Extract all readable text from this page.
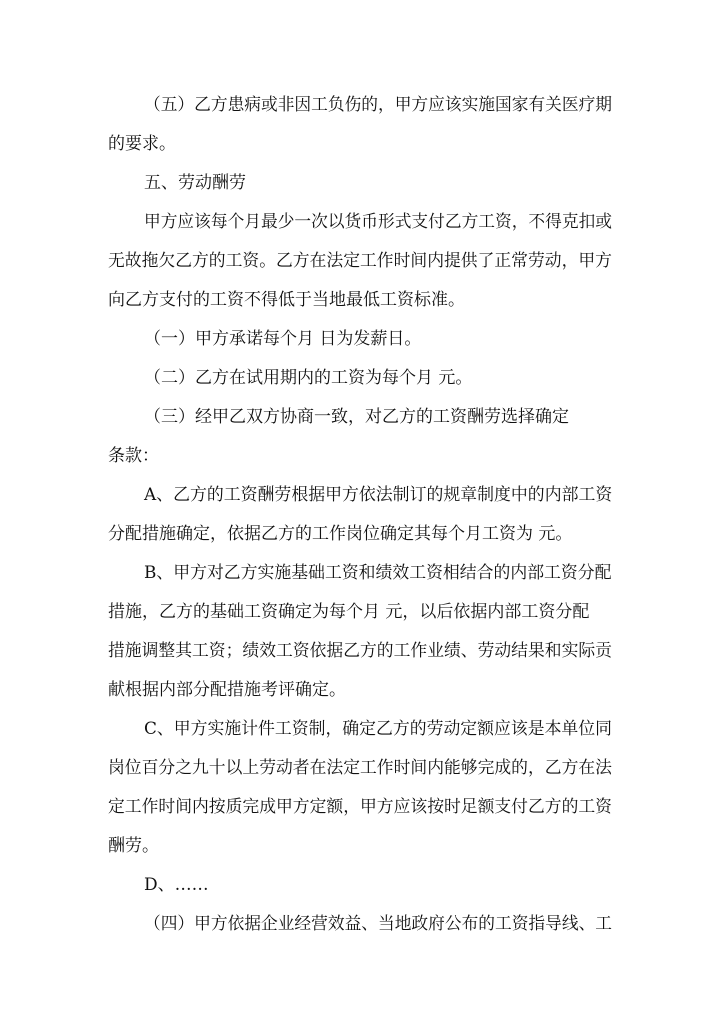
（五）乙方患病或非因工负伤的，甲方应该实施国家有关医疗期
的要求。
五、劳动酬劳
甲方应该每个月最少一次以货币形式支付乙方工资，不得克扣或
无故拖欠乙方的工资。乙方在法定工作时间内提供了正常劳动，甲方
向乙方支付的工资不得低于当地最低工资标准。
（一）甲方承诺每个月 日为发薪日。
（二）乙方在试用期内的工资为每个月 元。
（三）经甲乙双方协商一致，对乙方的工资酬劳选择确定
条款：
A、乙方的工资酬劳根据甲方依法制订的规章制度中的内部工资
分配措施确定，依据乙方的工作岗位确定其每个月工资为 元。
B、甲方对乙方实施基础工资和绩效工资相结合的内部工资分配
措施，乙方的基础工资确定为每个月 元，以后依据内部工资分配
措施调整其工资；绩效工资依据乙方的工作业绩、劳动结果和实际贡
献根据内部分配措施考评确定。
C、甲方实施计件工资制，确定乙方的劳动定额应该是本单位同
岗位百分之九十以上劳动者在法定工作时间内能够完成的，乙方在法
定工作时间内按质完成甲方定额，甲方应该按时足额支付乙方的工资
酬劳。
D、……
（四）甲方依据企业经营效益、当地政府公布的工资指导线、工
